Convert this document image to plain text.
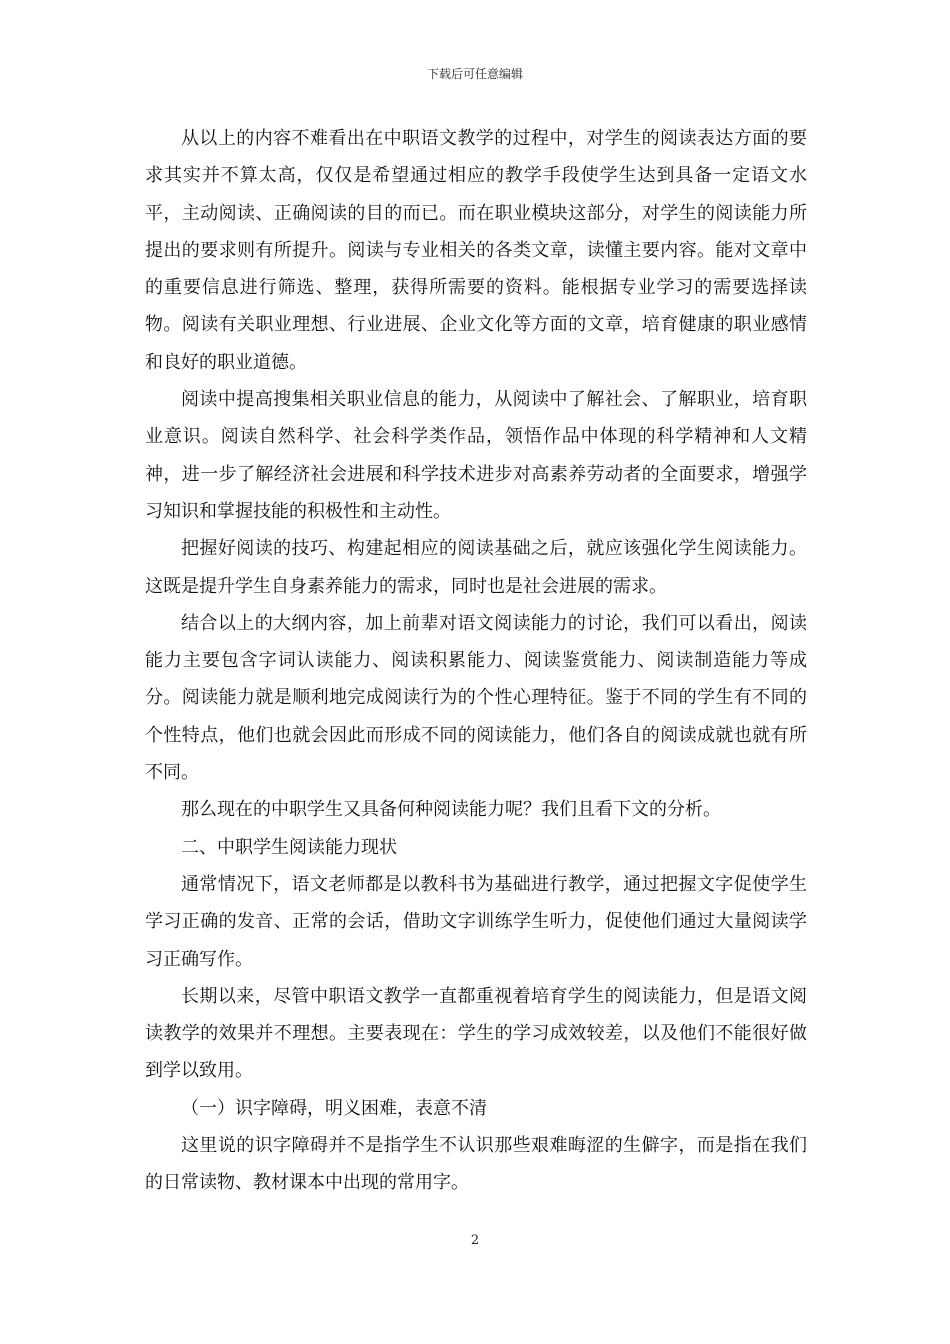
下载后可任意编辑

从以上的内容不难看出在中职语文教学的过程中，对学生的阅读表达方面的要求其实并不算太高，仅仅是希望通过相应的教学手段使学生达到具备一定语文水平，主动阅读、正确阅读的目的而已。而在职业模块这部分，对学生的阅读能力所提出的要求则有所提升。阅读与专业相关的各类文章，读懂主要内容。能对文章中的重要信息进行筛选、整理，获得所需要的资料。能根据专业学习的需要选择读物。阅读有关职业理想、行业进展、企业文化等方面的文章，培育健康的职业感情和良好的职业道德。

阅读中提高搜集相关职业信息的能力，从阅读中了解社会、了解职业，培育职业意识。阅读自然科学、社会科学类作品，领悟作品中体现的科学精神和人文精神，进一步了解经济社会进展和科学技术进步对高素养劳动者的全面要求，增强学习知识和掌握技能的积极性和主动性。

把握好阅读的技巧、构建起相应的阅读基础之后，就应该强化学生阅读能力。这既是提升学生自身素养能力的需求，同时也是社会进展的需求。

结合以上的大纲内容，加上前辈对语文阅读能力的讨论，我们可以看出，阅读能力主要包含字词认读能力、阅读积累能力、阅读鉴赏能力、阅读制造能力等成分。阅读能力就是顺利地完成阅读行为的个性心理特征。鉴于不同的学生有不同的个性特点，他们也就会因此而形成不同的阅读能力，他们各自的阅读成就也就有所不同。

那么现在的中职学生又具备何种阅读能力呢？我们且看下文的分析。

二、中职学生阅读能力现状

通常情况下，语文老师都是以教科书为基础进行教学，通过把握文字促使学生学习正确的发音、正常的会话，借助文字训练学生听力，促使他们通过大量阅读学习正确写作。

长期以来，尽管中职语文教学一直都重视着培育学生的阅读能力，但是语文阅读教学的效果并不理想。主要表现在：学生的学习成效较差，以及他们不能很好做到学以致用。

（一）识字障碍，明义困难，表意不清

这里说的识字障碍并不是指学生不认识那些艰难晦涩的生僻字，而是指在我们的日常读物、教材课本中出现的常用字。

2
